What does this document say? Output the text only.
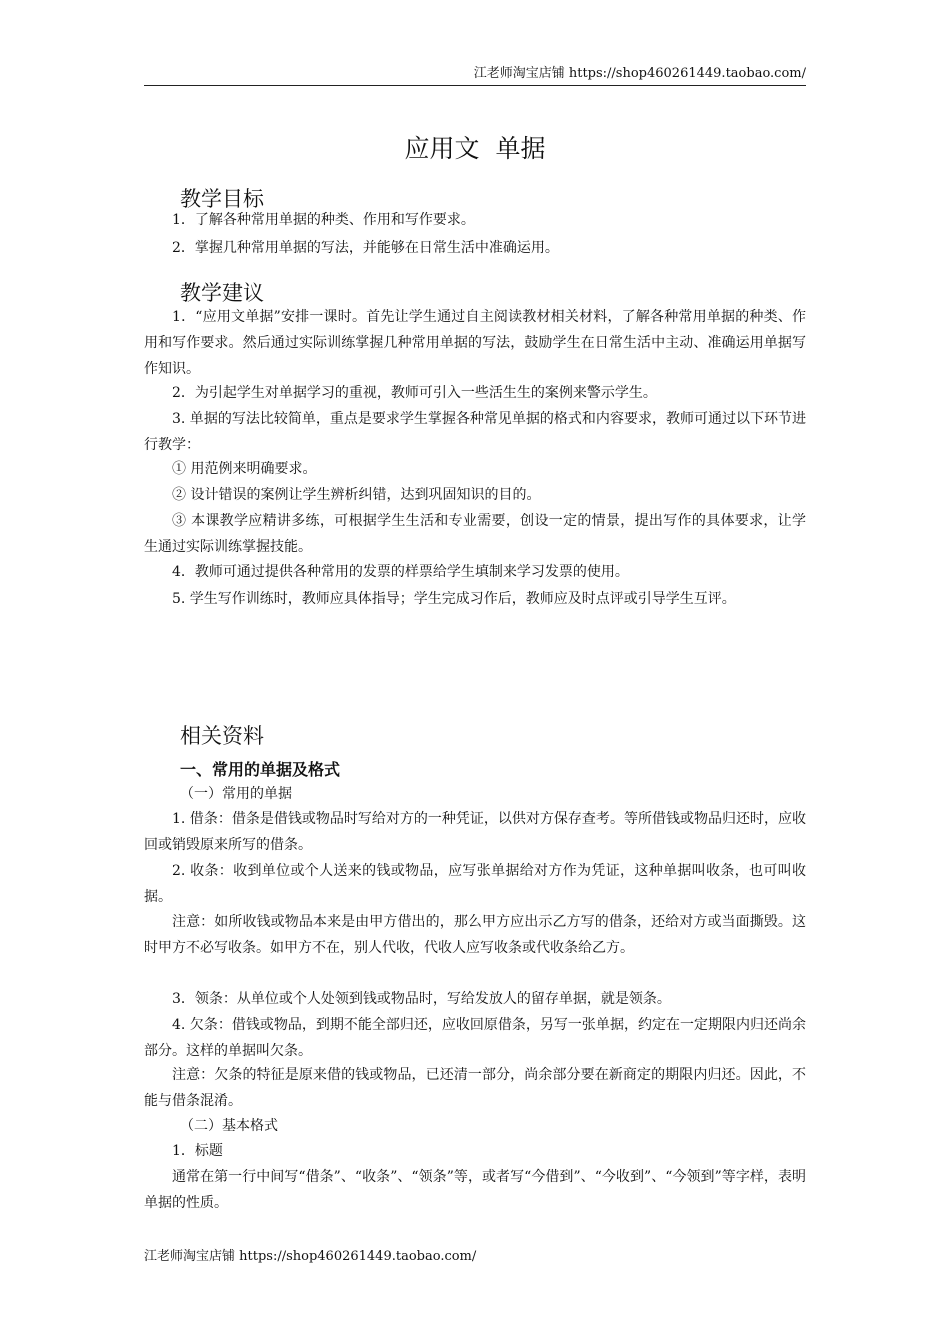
江老师淘宝店铺 https://shop460261449.taobao.com/
应用文  单据
教学目标

1．了解各种常用单据的种类、作用和写作要求。

2．掌握几种常用单据的写法，并能够在日常生活中准确运用。

教学建议

1．“应用文单据”安排一课时。首先让学生通过自主阅读教材相关材料，了解各种常用单据的种类、作用和写作要求。然后通过实际训练掌握几种常用单据的写法，鼓励学生在日常生活中主动、准确运用单据写作知识。

2．为引起学生对单据学习的重视，教师可引入一些活生生的案例来警示学生。

3. 单据的写法比较简单，重点是要求学生掌握各种常见单据的格式和内容要求，教师可通过以下环节进行教学：

① 用范例来明确要求。

② 设计错误的案例让学生辨析纠错，达到巩固知识的目的。

③ 本课教学应精讲多练，可根据学生生活和专业需要，创设一定的情景，提出写作的具体要求，让学生通过实际训练掌握技能。

4．教师可通过提供各种常用的发票的样票给学生填制来学习发票的使用。

5. 学生写作训练时，教师应具体指导；学生完成习作后，教师应及时点评或引导学生互评。

相关资料
一、常用的单据及格式
（一）常用的单据

1. 借条：借条是借钱或物品时写给对方的一种凭证，以供对方保存查考。等所借钱或物品归还时，应收回或销毁原来所写的借条。

2. 收条：收到单位或个人送来的钱或物品，应写张单据给对方作为凭证，这种单据叫收条，也可叫收据。

注意：如所收钱或物品本来是由甲方借出的，那么甲方应出示乙方写的借条，还给对方或当面撕毁。这时甲方不必写收条。如甲方不在，别人代收，代收人应写收条或代收条给乙方。

3．领条：从单位或个人处领到钱或物品时，写给发放人的留存单据，就是领条。

4. 欠条：借钱或物品，到期不能全部归还，应收回原借条，另写一张单据，约定在一定期限内归还尚余部分。这样的单据叫欠条。

注意：欠条的特征是原来借的钱或物品，已还清一部分，尚余部分要在新商定的期限内归还。因此，不能与借条混淆。

（二）基本格式

1．标题

通常在第一行中间写“借条”、“收条”、“领条”等，或者写“今借到”、“今收到”、“今领到”等字样，表明单据的性质。

江老师淘宝店铺 https://shop460261449.taobao.com/
